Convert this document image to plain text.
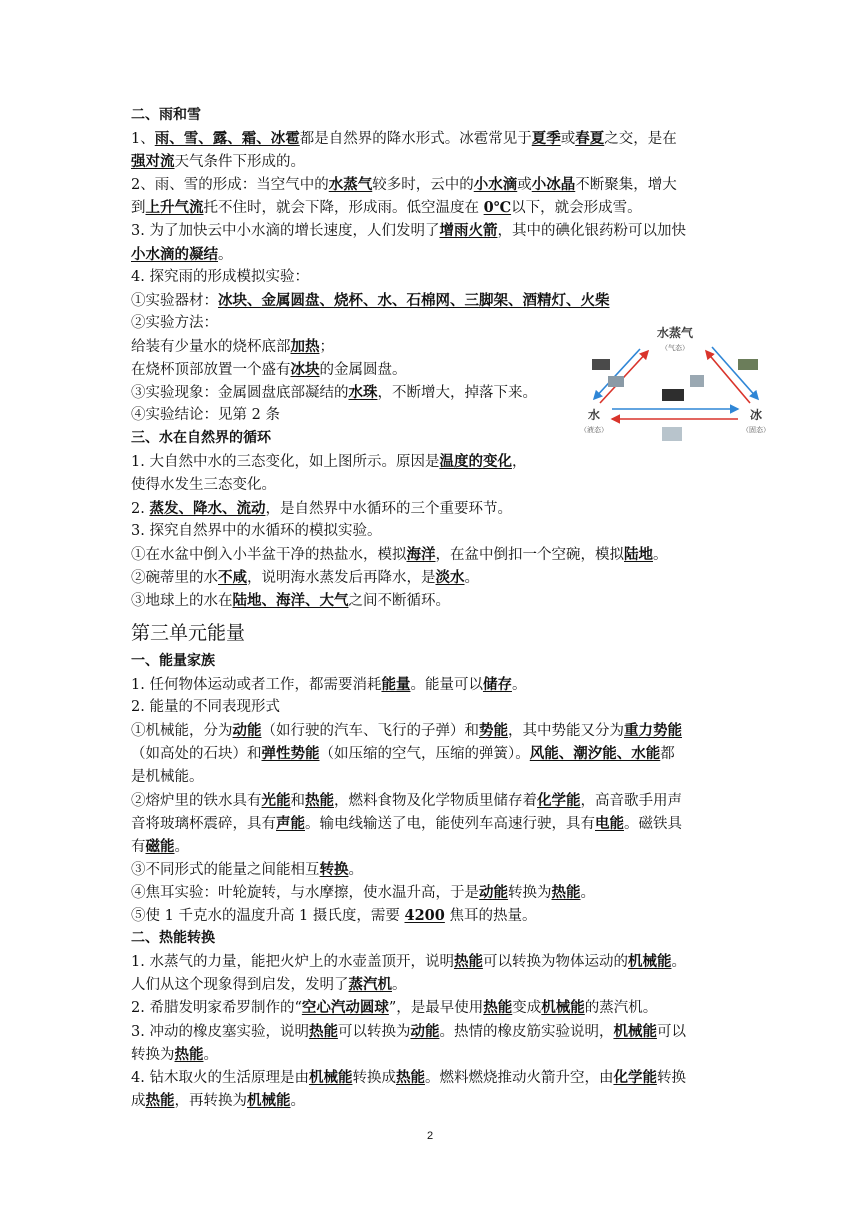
二、雨和雪
1、雨、雪、露、霜、冰雹都是自然界的降水形式。冰雹常见于夏季或春夏之交，是在
强对流天气条件下形成的。
2、雨、雪的形成：当空气中的水蒸气较多时，云中的小水滴或小冰晶不断聚集，增大
到上升气流托不住时，就会下降，形成雨。低空温度在 0℃以下，就会形成雪。
3. 为了加快云中小水滴的增长速度，人们发明了增雨火箭，其中的碘化银药粉可以加快
小水滴的凝结。
4. 探究雨的形成模拟实验：
①实验器材：冰块、金属圆盘、烧杯、水、石棉网、三脚架、酒精灯、火柴
②实验方法：
给装有少量水的烧杯底部加热；
在烧杯顶部放置一个盛有冰块的金属圆盘。
③实验现象：金属圆盘底部凝结的水珠，不断增大，掉落下来。
④实验结论：见第 2 条
三、水在自然界的循环
1. 大自然中水的三态变化，如上图所示。原因是温度的变化，
使得水发生三态变化。
2. 蒸发、降水、流动，是自然界中水循环的三个重要环节。
3. 探究自然界中的水循环的模拟实验。
①在水盆中倒入小半盆干净的热盐水，模拟海洋，在盆中倒扣一个空碗，模拟陆地。
②碗蒂里的水不咸，说明海水蒸发后再降水，是淡水。
③地球上的水在陆地、海洋、大气之间不断循环。
第三单元能量
一、能量家族
1. 任何物体运动或者工作，都需要消耗能量。能量可以储存。
2. 能量的不同表现形式
①机械能，分为动能（如行驶的汽车、飞行的子弹）和势能，其中势能又分为重力势能
（如高处的石块）和弹性势能（如压缩的空气，压缩的弹簧）。风能、潮汐能、水能都
是机械能。
②熔炉里的铁水具有光能和热能，燃料食物及化学物质里储存着化学能，高音歌手用声
音将玻璃杯震碎，具有声能。输电线输送了电，能使列车高速行驶，具有电能。磁铁具
有磁能。
③不同形式的能量之间能相互转换。
④焦耳实验：叶轮旋转，与水摩擦，使水温升高，于是动能转换为热能。
⑤使 1 千克水的温度升高 1 摄氏度，需要 4200 焦耳的热量。
二、热能转换
1. 水蒸气的力量，能把火炉上的水壶盖顶开，说明热能可以转换为物体运动的机械能。
人们从这个现象得到启发，发明了蒸汽机。
2. 希腊发明家希罗制作的“空心汽动圆球”，是最早使用热能变成机械能的蒸汽机。
3. 冲动的橡皮塞实验，说明热能可以转换为动能。热情的橡皮筋实验说明，机械能可以
转换为热能。
4. 钻木取火的生活原理是由机械能转换成热能。燃料燃烧推动火箭升空，由化学能转换
成热能，再转换为机械能。
水蒸气
（气态）
水
（液态）
冰
（固态）
2
